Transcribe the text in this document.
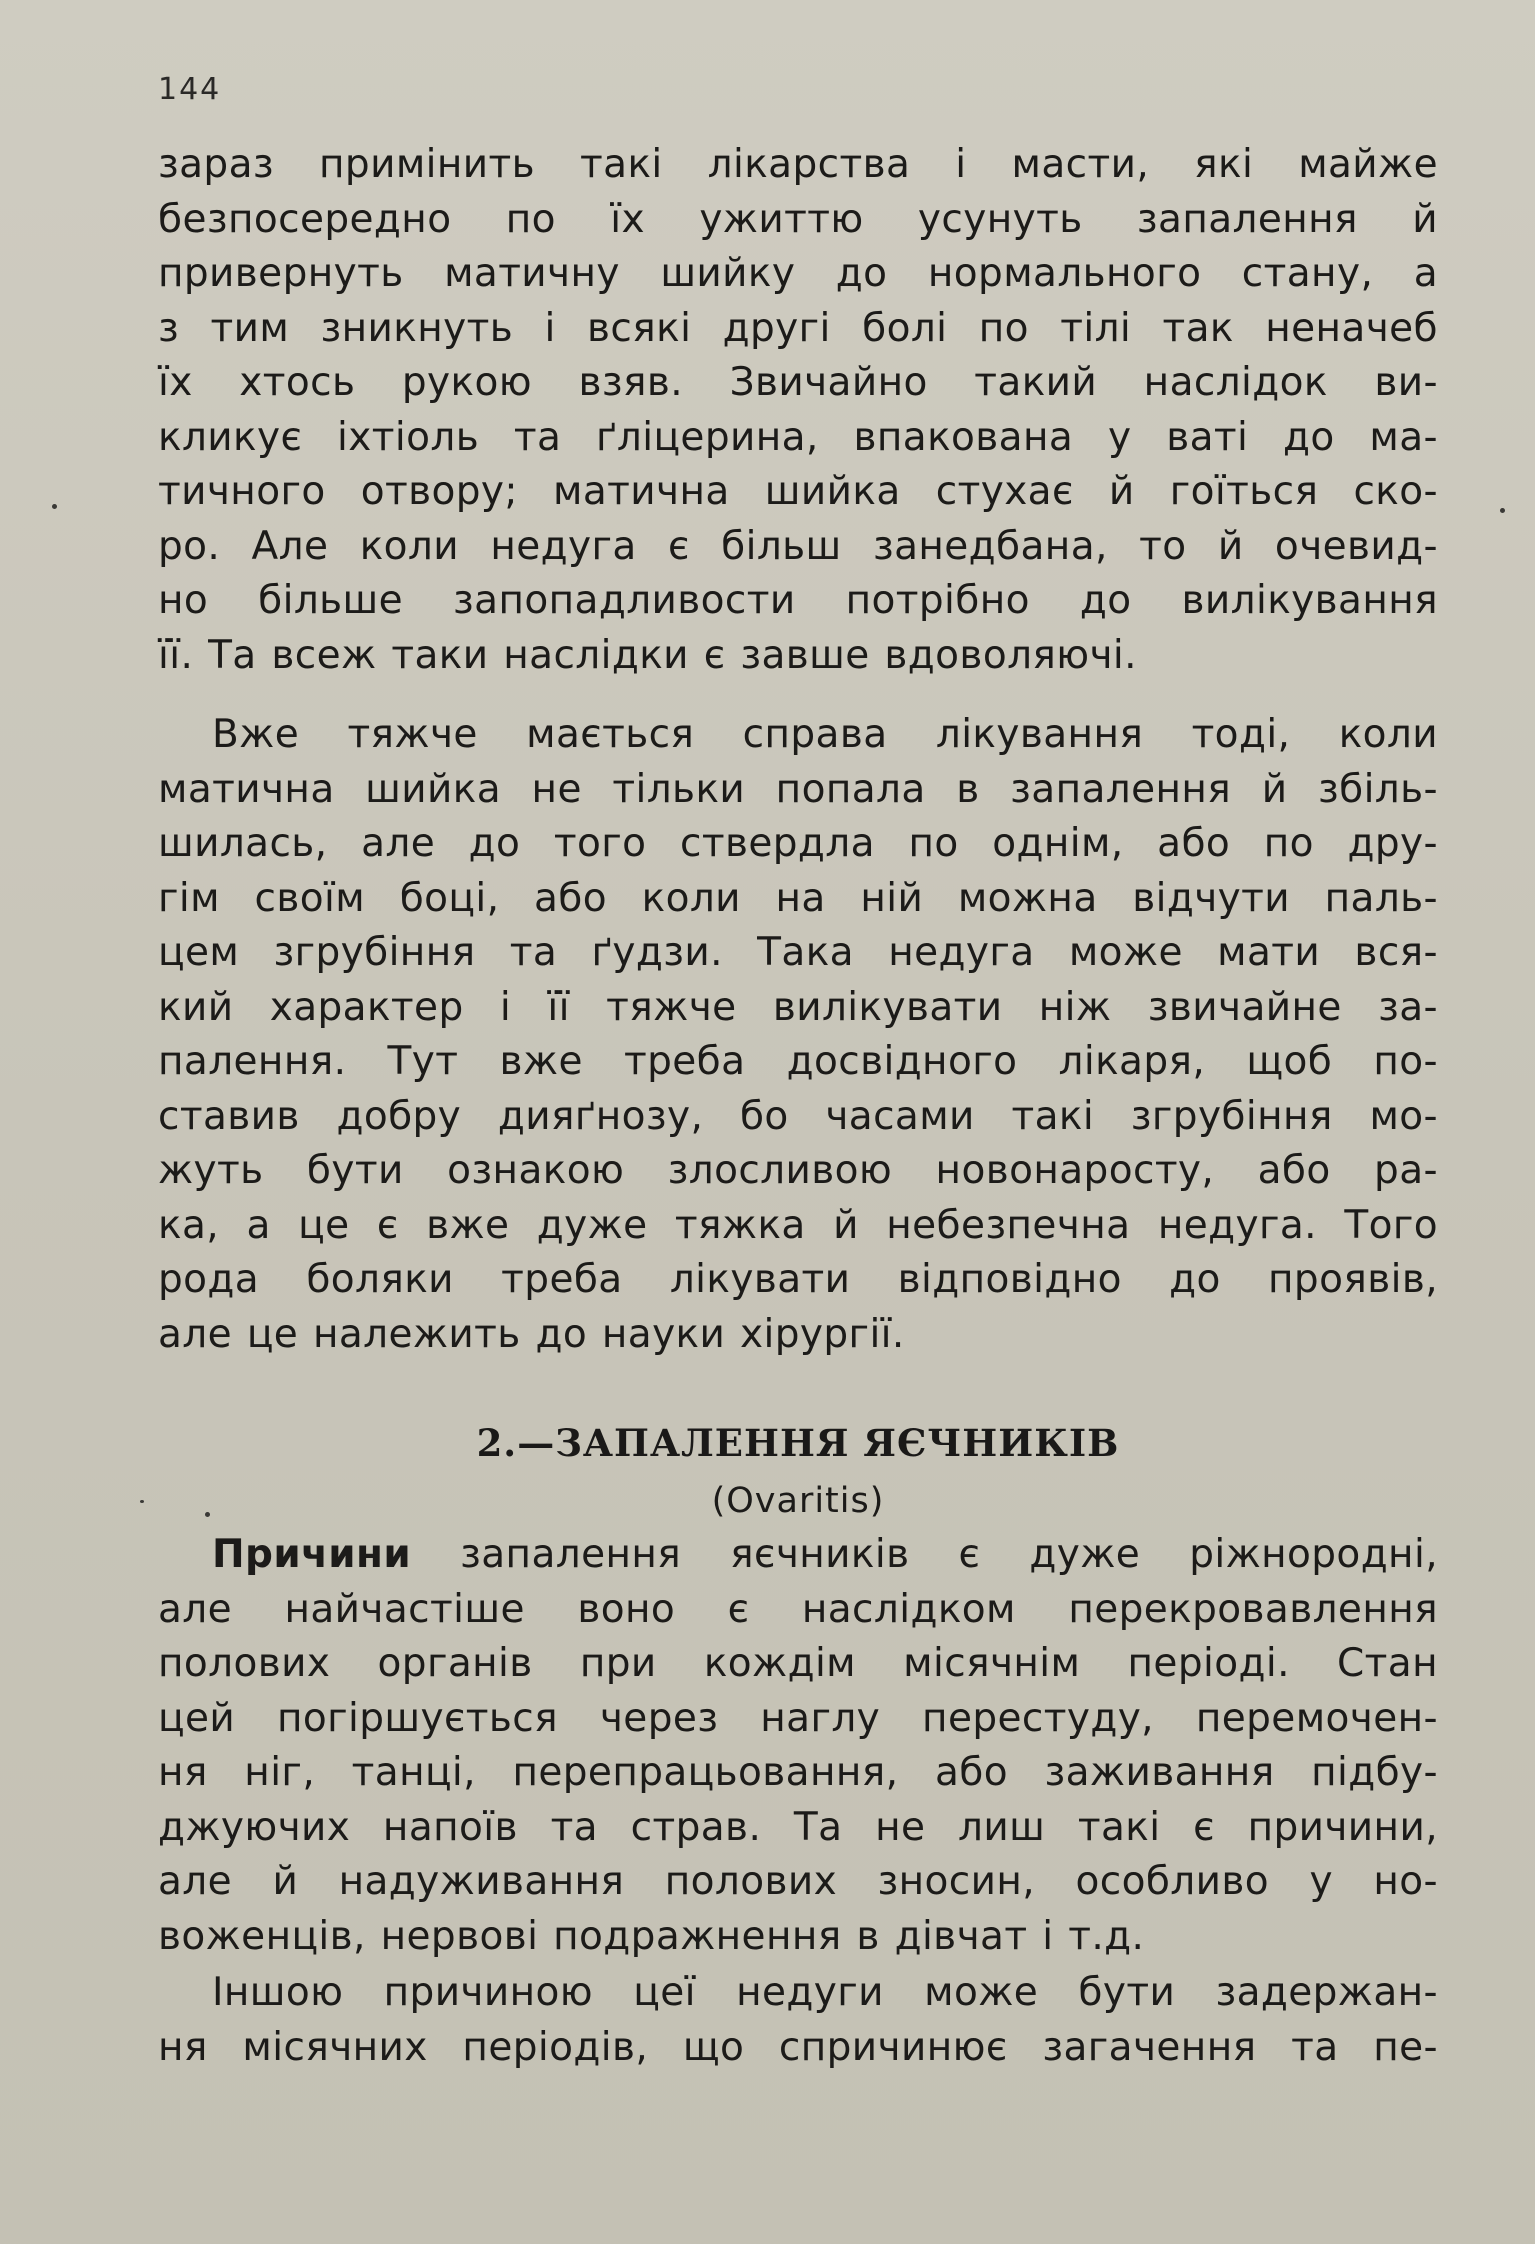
144
зараз примінить такі лікарства і масти, які майже
безпосередно по їх ужиттю усунуть запалення й
привернуть матичну шийку до нормального стану, а
з тим зникнуть і всякі другі болі по тілі так неначеб
їх хтось рукою взяв. Звичайно такий наслідок ви-
кликує іхтіоль та ґліцерина, впакована у ваті до ма-
тичного отвору; матична шийка стухає й гоїться ско-
ро. Але коли недуга є більш занедбана, то й очевид-
но більше запопадливости потрібно до вилікування
її. Та всеж таки наслідки є завше вдоволяючі.
Вже тяжче мається справа лікування тоді, коли
матична шийка не тільки попала в запалення й збіль-
шилась, але до того ствердла по однім, або по дру-
гім своїм боці, або коли на ній можна відчути паль-
цем згрубіння та ґудзи. Така недуга може мати вся-
кий характер і її тяжче вилікувати ніж звичайне за-
палення. Тут вже треба досвідного лікаря, щоб по-
ставив добру дияґнозу, бо часами такі згрубіння мо-
жуть бути ознакою злосливою новонаросту, або ра-
ка, а це є вже дуже тяжка й небезпечна недуга. Того
рода боляки треба лікувати відповідно до проявів,
але це належить до науки хірургії.
2.—ЗАПАЛЕННЯ ЯЄЧНИКІВ
(Ovaritis)
Причини запалення яєчників є дуже ріжнородні,
але найчастіше воно є наслідком перекровавлення
полових органів при кождім місячнім періоді. Стан
цей погіршується через наглу перестуду, перемочен-
ня ніг, танці, перепрацьовання, або заживання підбу-
джуючих напоїв та страв. Та не лиш такі є причини,
але й надуживання полових зносин, особливо у но-
воженців, нервові подражнення в дівчат і т.д.
Іншою причиною цеї недуги може бути задержан-
ня місячних періодів, що спричинює загачення та пе-
